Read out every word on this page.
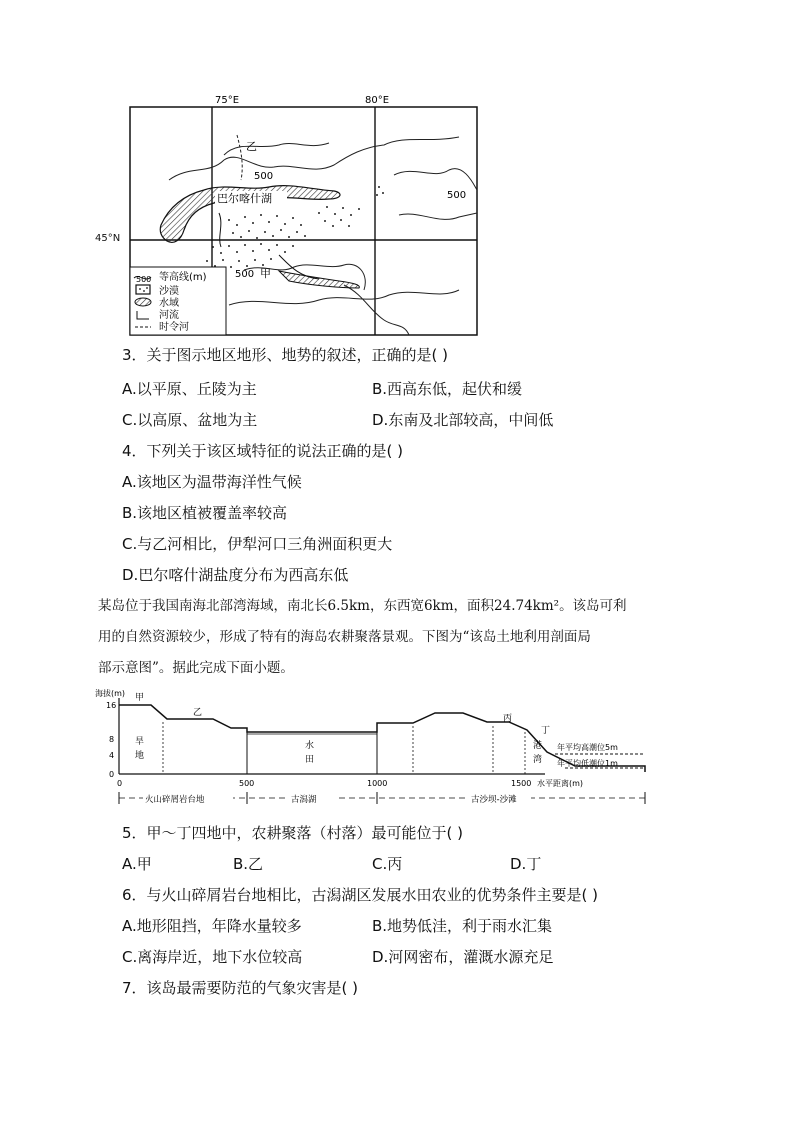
75°E	80°E
乙
500
500
巴尔喀什湖
500 甲
500 等高线(m)
沙漠
水域
河流
时令河
45°N
3．关于图示地区地形、地势的叙述，正确的是( )
A.以平原、丘陵为主	B.西高东低，起伏和缓
C.以高原、盆地为主	D.东南及北部较高，中间低
4．下列关于该区域特征的说法正确的是( )
A.该地区为温带海洋性气候
B.该地区植被覆盖率较高
C.与乙河相比，伊犁河口三角洲面积更大
D.巴尔喀什湖盐度分布为西高东低
某岛位于我国南海北部湾海域，南北长6.5km，东西宽6km，面积24.74km²。该岛可利
用的自然资源较少，形成了特有的海岛农耕聚落景观。下图为“该岛土地利用剖面局
部示意图”。据此完成下面小题。
海拔(m)
16
8
4
0
0	500	1000	1500 水平距离(m)
甲
乙
丙
丁
旱
地
水
田
港
湾
年平均高潮位5m
年平均低潮位1m
火山碎屑岩台地	古潟湖	古沙坝-沙滩
5．甲～丁四地中，农耕聚落（村落）最可能位于( )
A.甲	B.乙	C.丙	D.丁
6．与火山碎屑岩台地相比，古潟湖区发展水田农业的优势条件主要是( )
A.地形阻挡，年降水量较多	B.地势低洼，利于雨水汇集
C.离海岸近，地下水位较高	D.河网密布，灌溉水源充足
7．该岛最需要防范的气象灾害是( )
